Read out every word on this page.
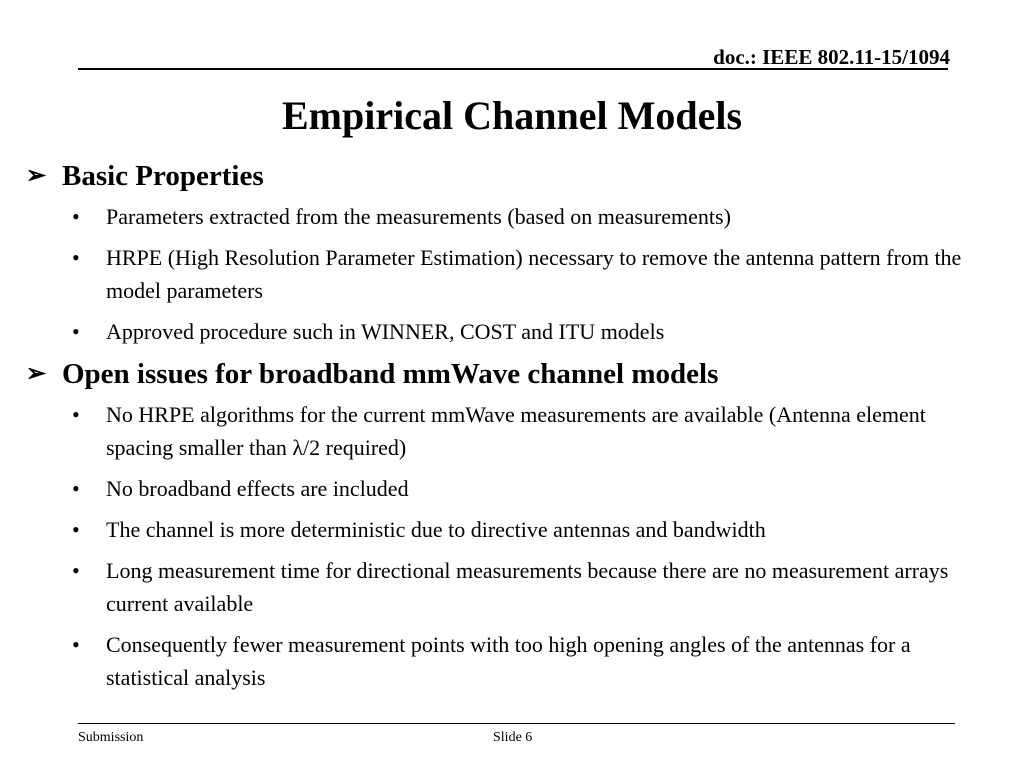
doc.: IEEE 802.11-15/1094
Empirical Channel Models
➢ Basic Properties
• Parameters extracted from the measurements (based on measurements)
• HRPE (High Resolution Parameter Estimation) necessary to remove the antenna pattern from the model parameters
• Approved procedure such in WINNER, COST and ITU models
➢ Open issues for broadband mmWave channel models
• No HRPE algorithms for the current mmWave measurements are available (Antenna element spacing smaller than λ/2 required)
• No broadband effects are included
• The channel is more deterministic due to directive antennas and bandwidth
• Long measurement time for directional measurements because there are no measurement arrays current available
• Consequently fewer measurement points with too high opening angles of the antennas for a statistical analysis
Submission	Slide 6
